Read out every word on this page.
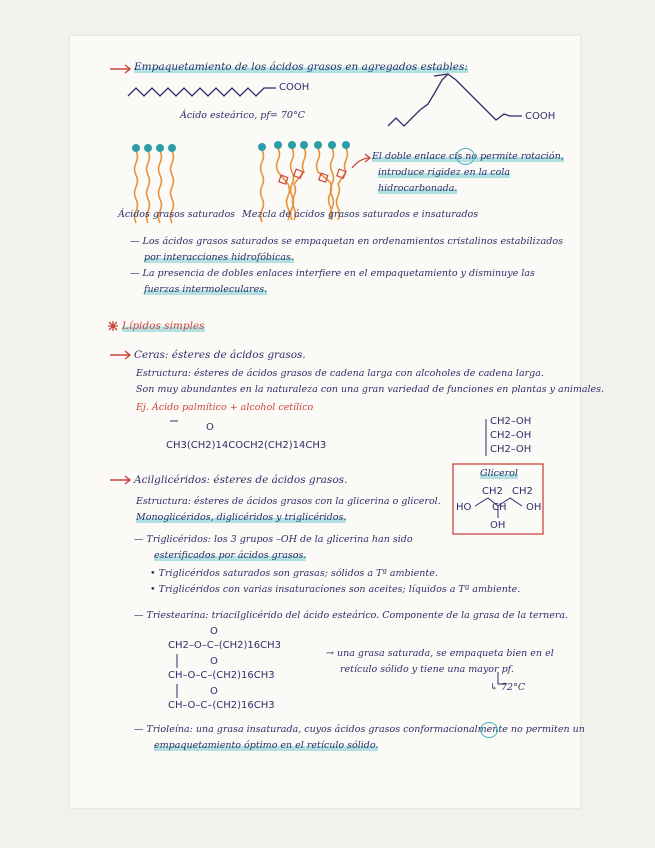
Empaquetamiento de los ácidos grasos en agregados estables:
COOH
Ácido esteárico, pf= 70°C	COOH
Ácidos grasos saturados Mezcla de ácidos grasos saturados e insaturados
El doble enlace cis no permite rotación,
introduce rigidez en la cola
hidrocarbonada.
— Los ácidos grasos saturados se empaquetan en ordenamientos cristalinos estabilizados
por interacciones hidrofóbicas.
— La presencia de dobles enlaces interfiere en el empaquetamiento y disminuye las
fuerzas intermoleculares.
Lípidos simples
Ceras: ésteres de ácidos grasos.
Estructura: ésteres de ácidos grasos de cadena larga con alcoholes de cadena larga.
Son muy abundantes en la naturaleza con una gran variedad de funciones en plantas y animales.
Ej. Ácido palmítico + alcohol cetílico
O
CH3(CH2)14COCH2(CH2)14CH3
CH2–OH
CH2–OH
CH2–OH
Glicerol
CH2 CH2
HO CH OH
OH
Acilglicéridos: ésteres de ácidos grasos.
Estructura: ésteres de ácidos grasos con la glicerina o glicerol.
Monoglicéridos, diglicéridos y triglicéridos.
— Triglicéridos: los 3 grupos –OH de la glicerina han sido
esterificados por ácidos grasos.
• Triglicéridos saturados son grasas; sólidos a Tª ambiente.
• Triglicéridos con varias insaturaciones son aceites; líquidos a Tª ambiente.
— Triestearina: triacilglicérido del ácido esteárico. Componente de la grasa de la ternera.
O
CH2–O–C–(CH2)16CH3
O
CH–O–C–(CH2)16CH3
O
CH–O–C–(CH2)16CH3
→ una grasa saturada, se empaqueta bien en el
retículo sólido y tiene una mayor pf.
↳ 72°C
— Trioleína: una grasa insaturada, cuyos ácidos grasos conformacionalmente no permiten un
empaquetamiento óptimo en el retículo sólido.
